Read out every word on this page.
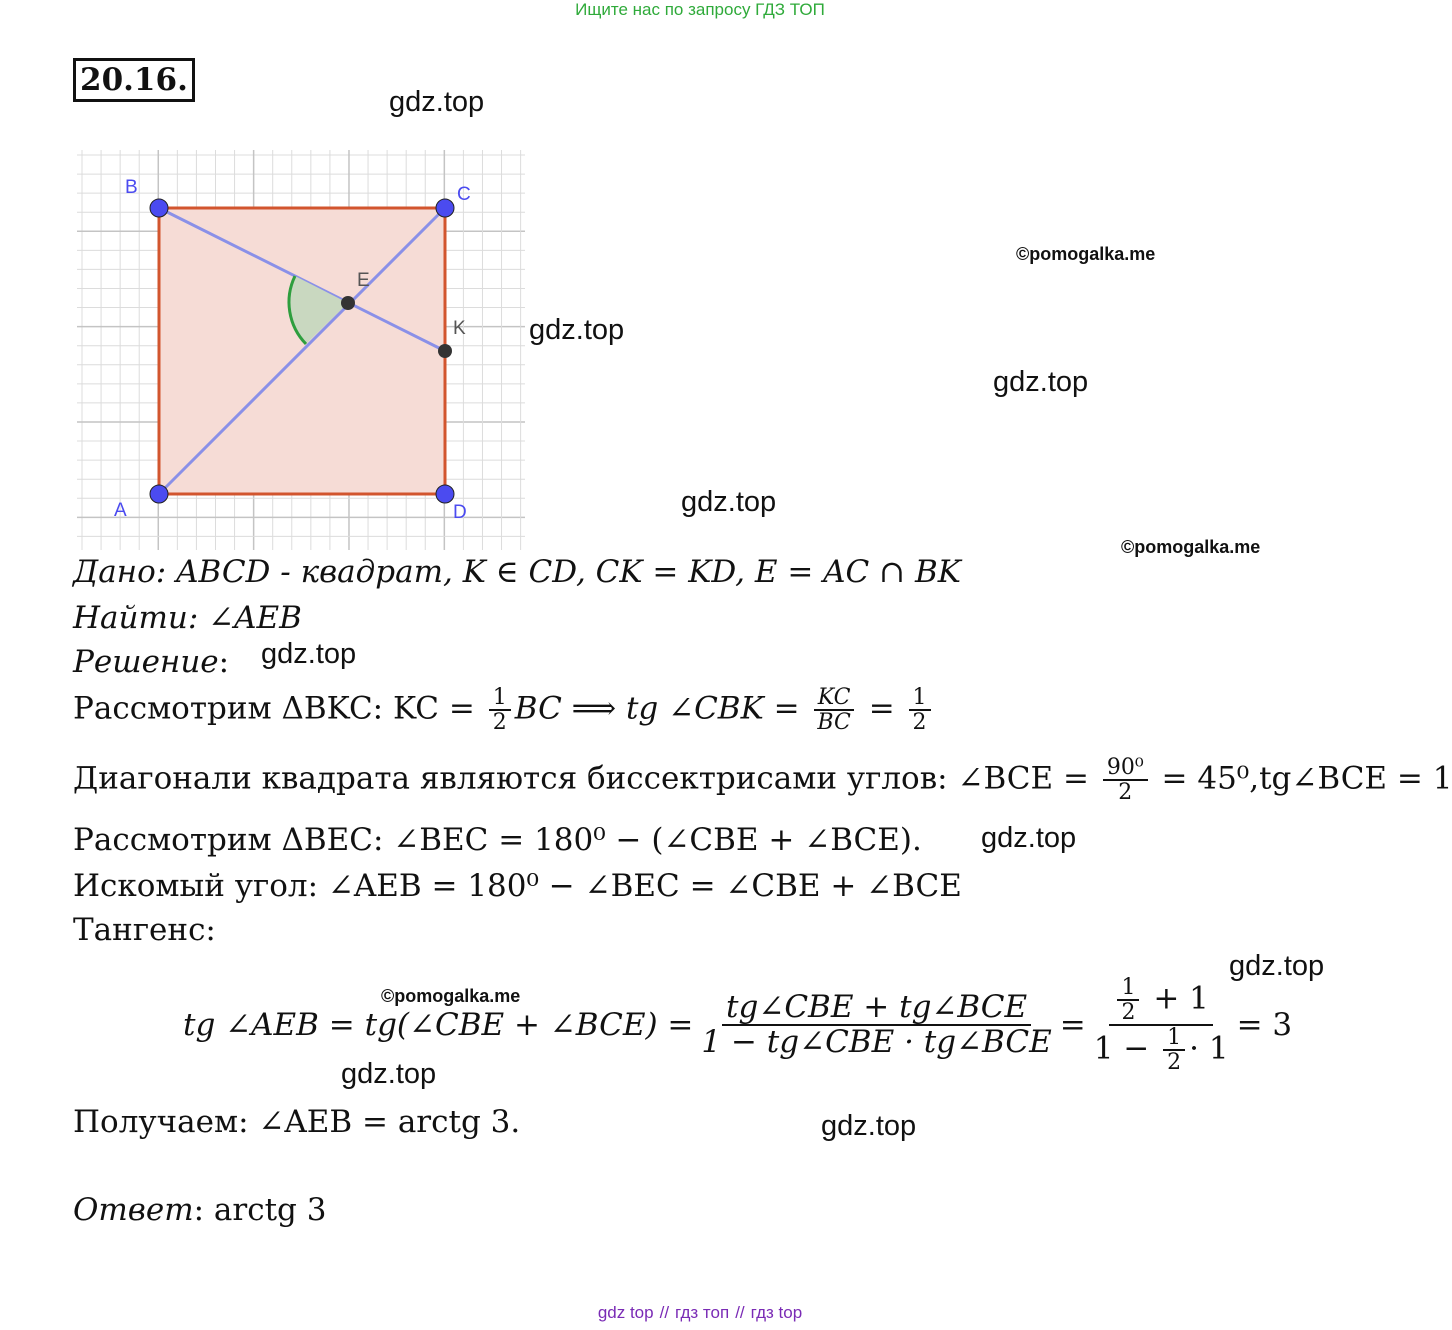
Ищите нас по запросу ГДЗ ТОП
20.16.
B	C
A	D
E
K
gdz.top
gdz.top
gdz.top
gdz.top
gdz.top
gdz.top
gdz.top
gdz.top
gdz.top
©pomogalka.me
©pomogalka.me
©pomogalka.me
Дано: ABCD - квадрат, K ∈ CD, CK = KD, E = AC ∩ BK
Найти: ∠AEB
Решение:
Рассмотрим ΔBKC: KC = $\frac{1}{2}$ BC ⟹ tg ∠CBK = $\frac{KC}{BC} = \frac{1}{2}$
Диагонали квадрата являются биссектрисами углов: ∠BCE = $\frac{\text{90⁰}}{2}$ = 45⁰,tg∠BCE = 1
Рассмотрим ΔBEC: ∠BEC = 180⁰ − (∠CBE + ∠BCE).
Искомый угол: ∠AEB = 180⁰ − ∠BEC = ∠CBE + ∠BCE
Тангенс:
tg ∠AEB = tg(∠CBE + ∠BCE) = $\frac{\text{tg∠CBE + tg∠BCE}}{\text{1 − tg∠CBE · tg∠BCE}} = \frac{\frac{1}{2} + 1}{1 - \frac{1}{2} \cdot 1} = 3$
Получаем: ∠AEB = arctg 3.
Ответ: arctg 3
gdz top // гдз топ // гдз top
